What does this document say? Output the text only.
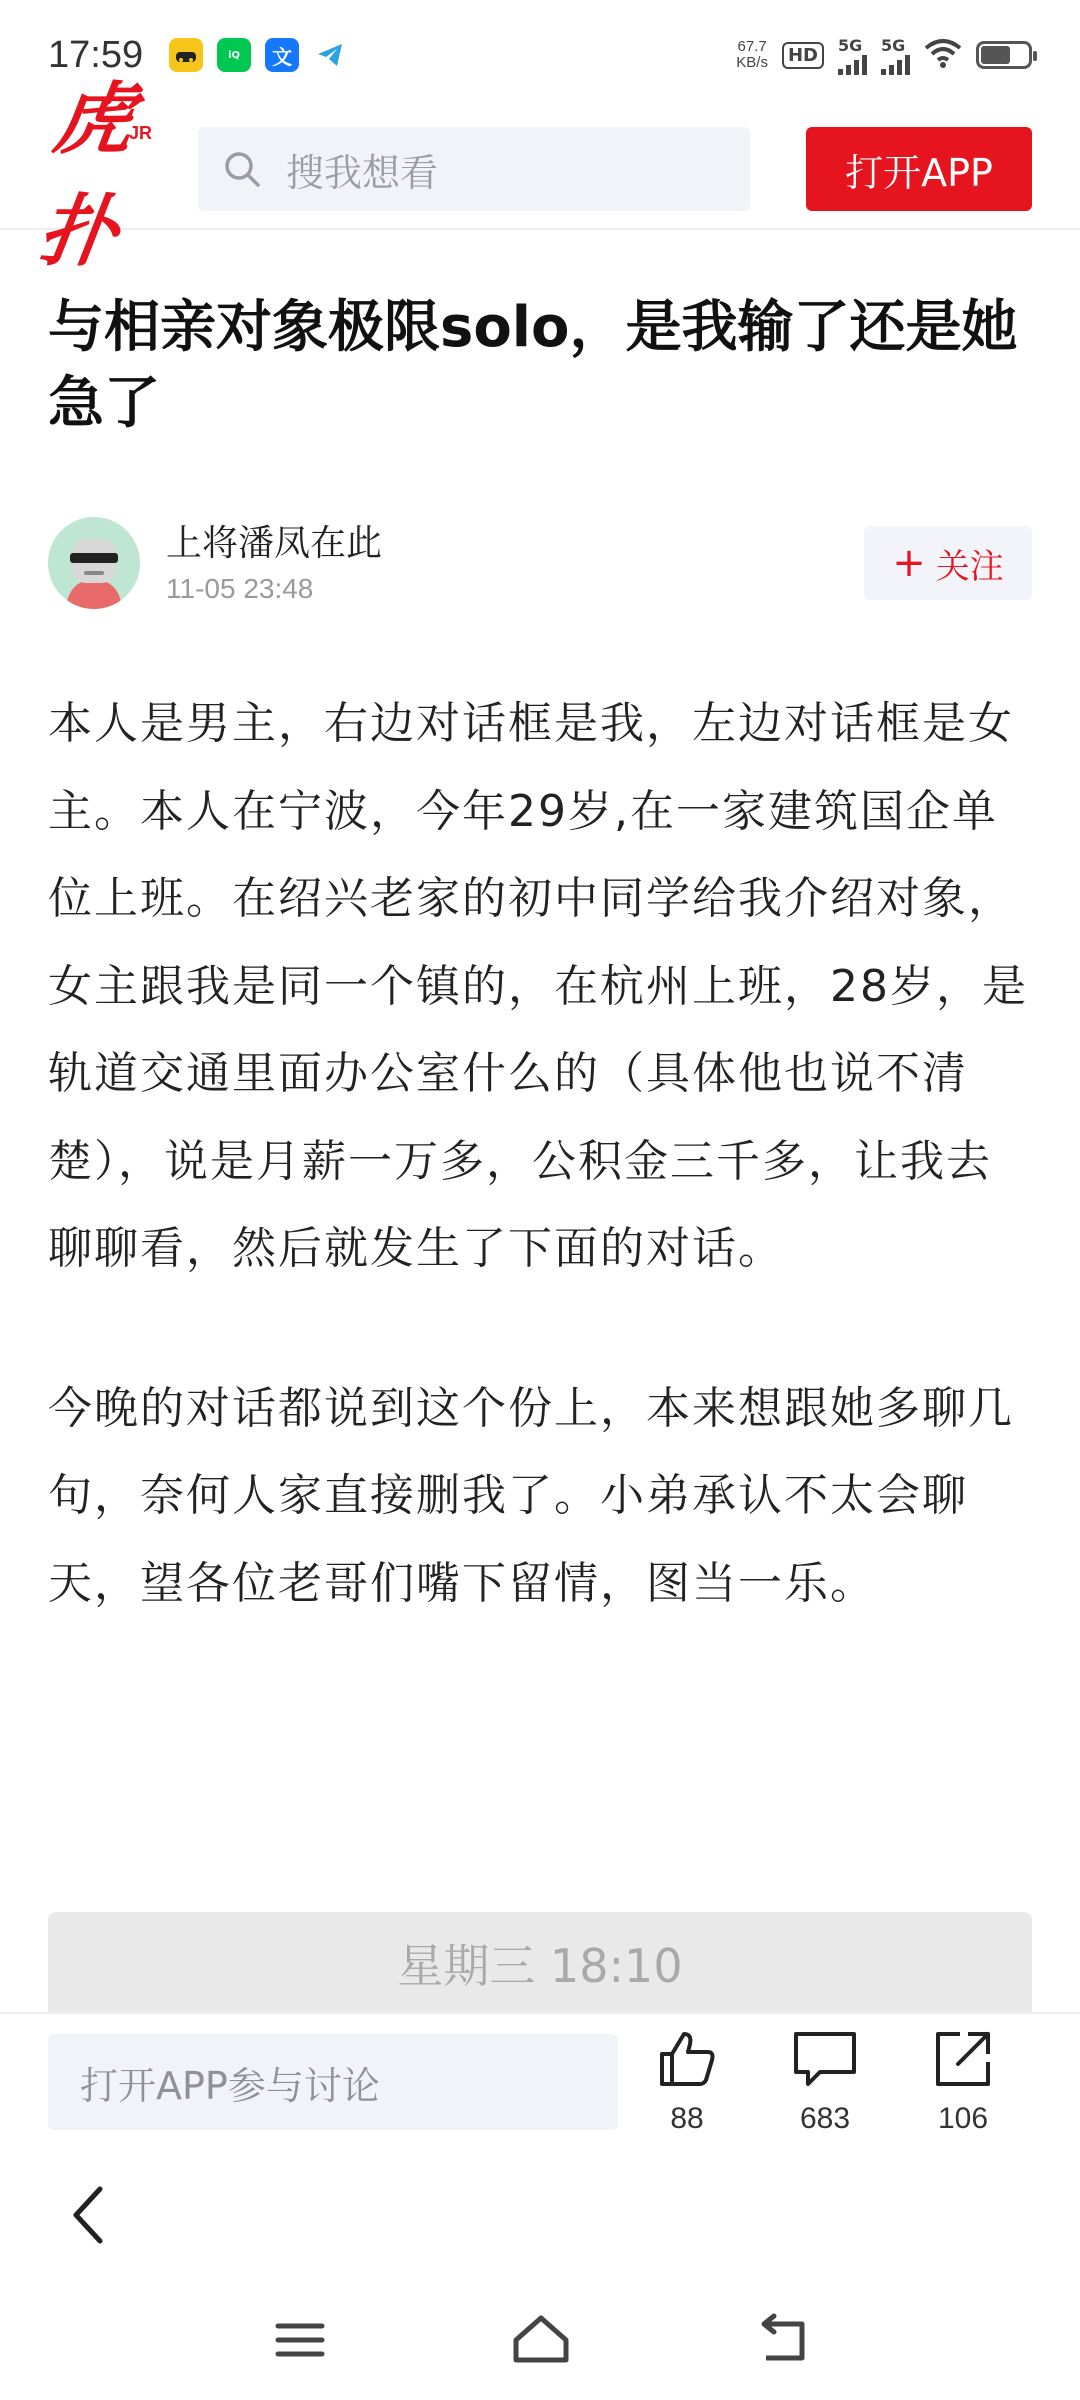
17:59	iQ	文	67.7
KB/s	HD	5G 5G
虎扑
JR
搜我想看	打开APP
与相亲对象极限solo，是我输了还是她急了
上将潘凤在此
11-05 23:48
+ 关注

本人是男主，右边对话框是我，左边对话框是女主。本人在宁波，今年29岁,在一家建筑国企单位上班。在绍兴老家的初中同学给我介绍对象，女主跟我是同一个镇的，在杭州上班，28岁，是轨道交通里面办公室什么的（具体他也说不清楚），说是月薪一万多，公积金三千多，让我去聊聊看，然后就发生了下面的对话。

今晚的对话都说到这个份上，本来想跟她多聊几句，奈何人家直接删我了。小弟承认不太会聊天，望各位老哥们嘴下留情，图当一乐。

星期三 18:10
打开APP参与讨论
88	683	106
